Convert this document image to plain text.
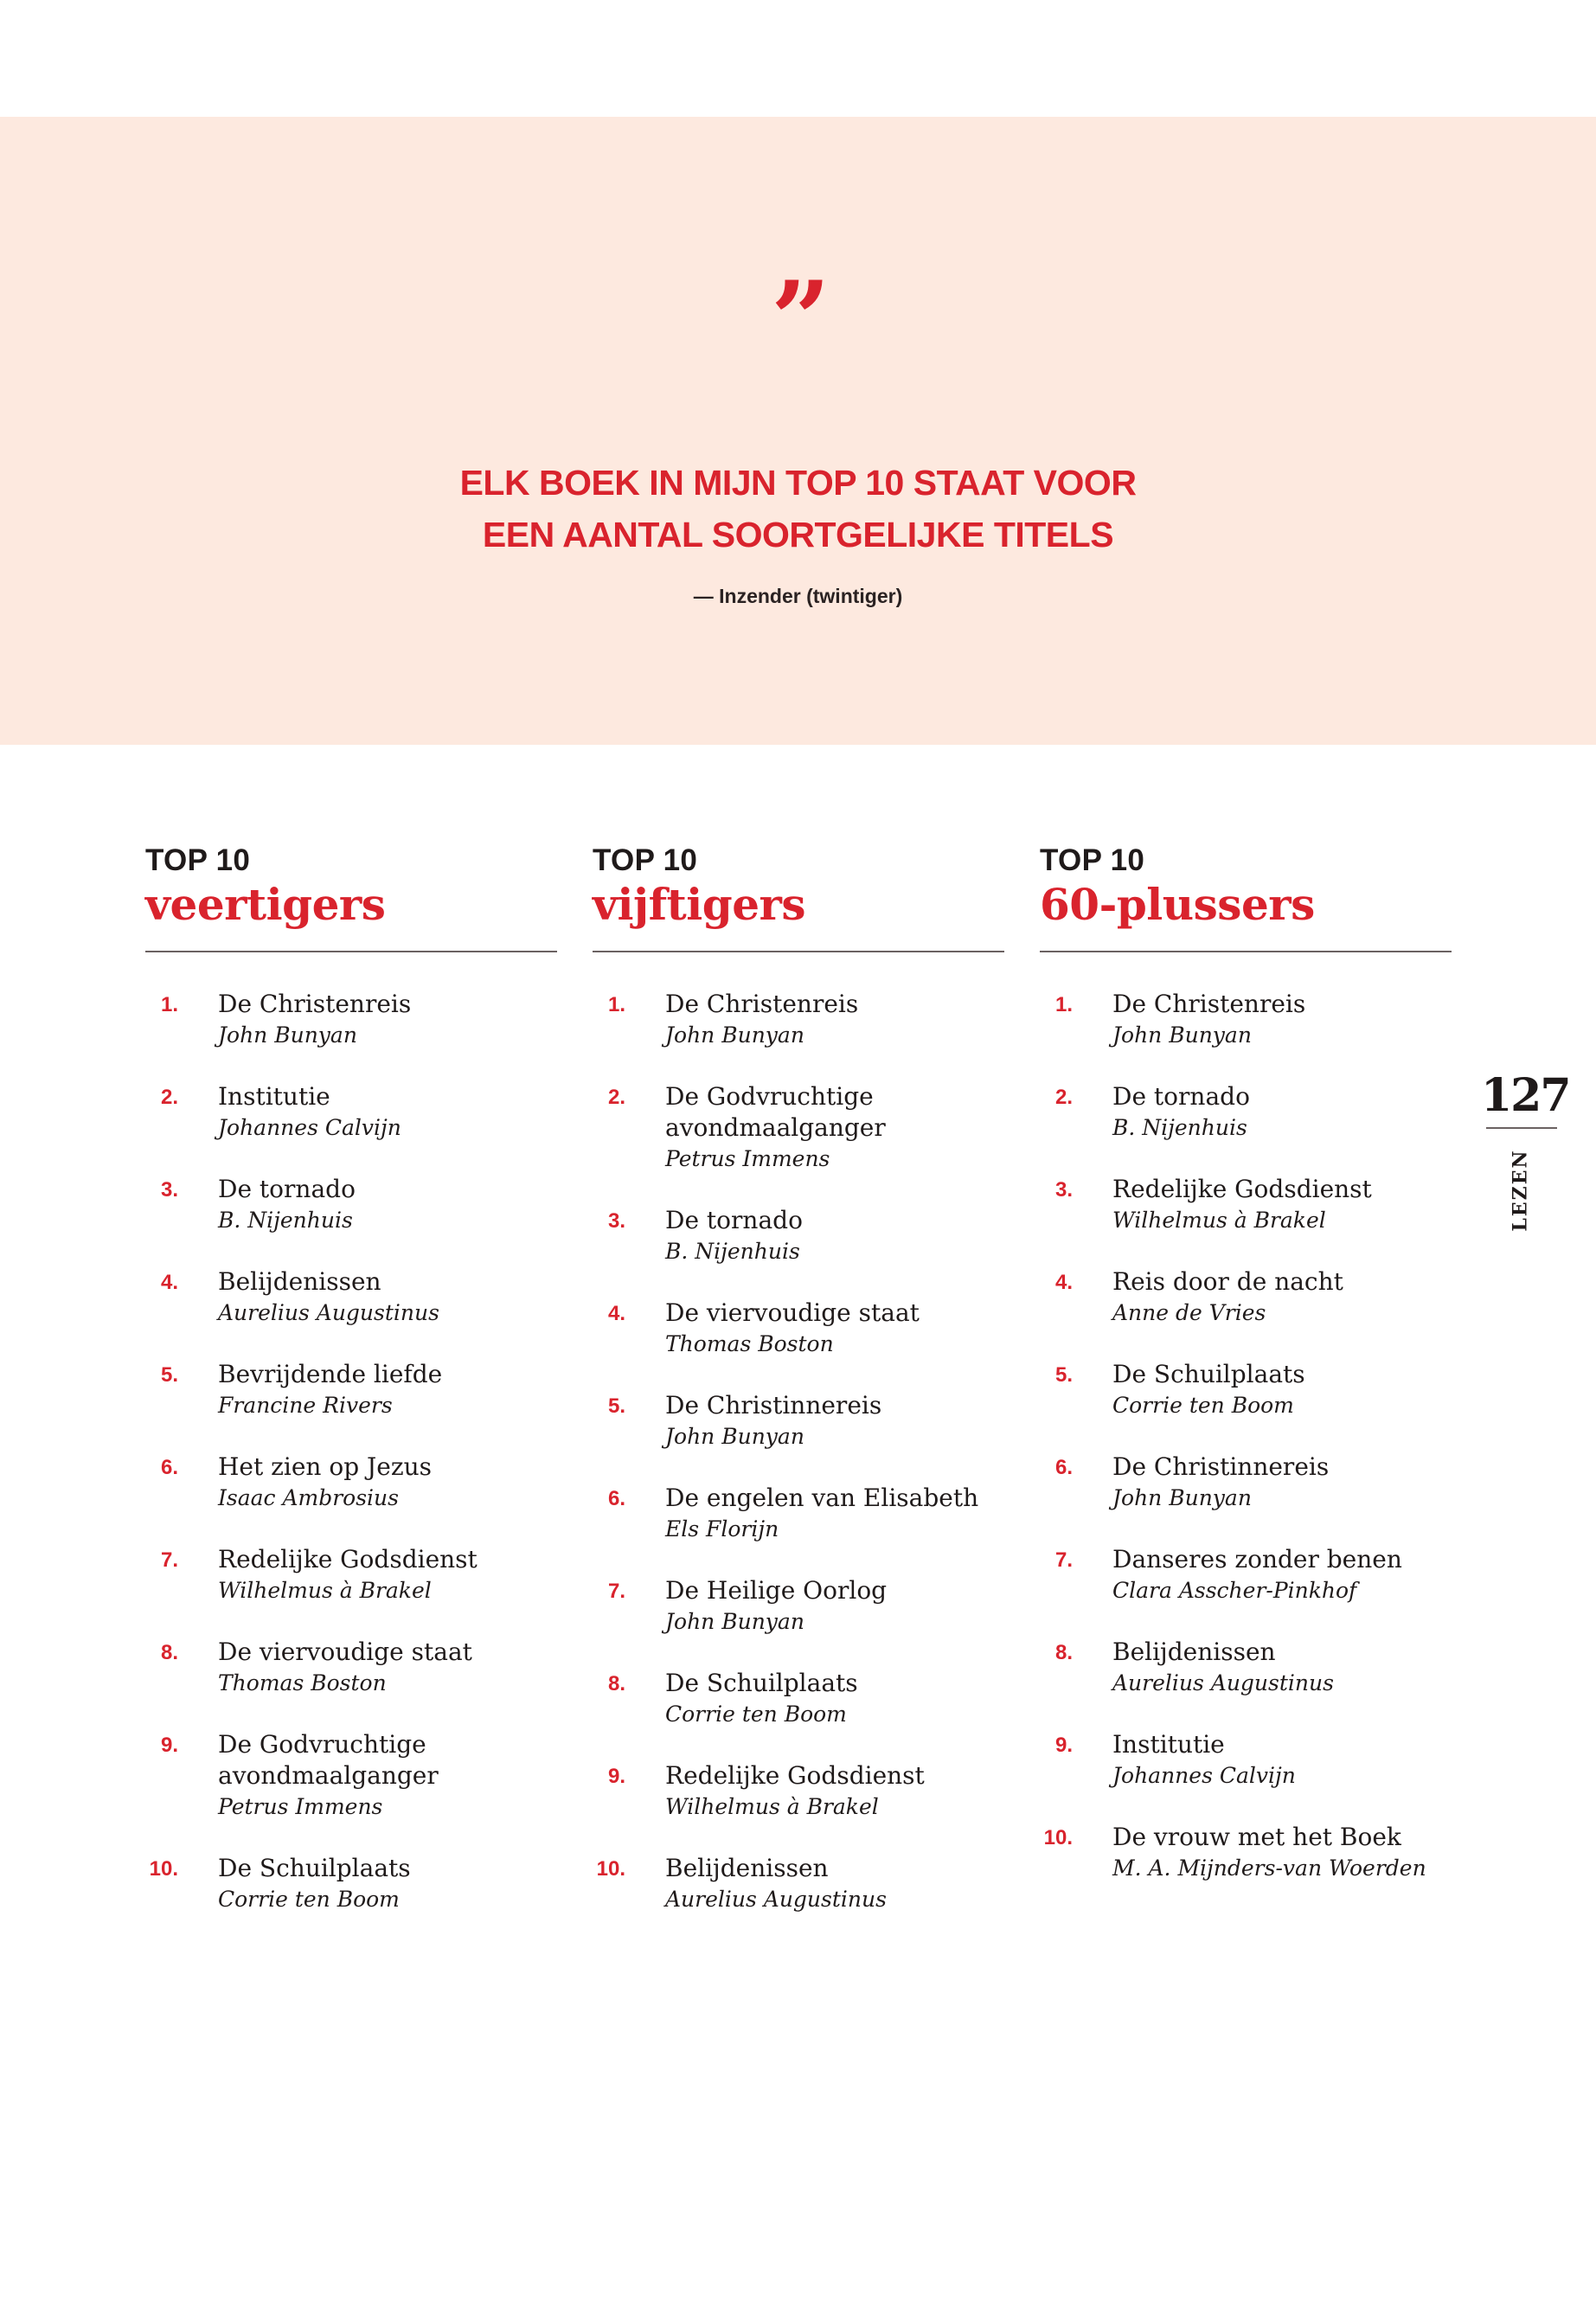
”
ELK BOEK IN MIJN TOP 10 STAAT VOOR
EEN AANTAL SOORTGELIJKE TITELS
— Inzender (twintiger)
TOP 10
veertigers
1. De Christenreis
John Bunyan
2. Institutie
Johannes Calvijn
3. De tornado
B. Nijenhuis
4. Belijdenissen
Aurelius Augustinus
5. Bevrijdende liefde
Francine Rivers
6. Het zien op Jezus
Isaac Ambrosius
7. Redelijke Godsdienst
Wilhelmus à Brakel
8. De viervoudige staat
Thomas Boston
9. De Godvruchtige
avondmaalganger
Petrus Immens
10. De Schuilplaats
Corrie ten Boom
TOP 10
vijftigers
1. De Christenreis
John Bunyan
2. De Godvruchtige
avondmaalganger
Petrus Immens
3. De tornado
B. Nijenhuis
4. De viervoudige staat
Thomas Boston
5. De Christinnereis
John Bunyan
6. De engelen van Elisabeth
Els Florijn
7. De Heilige Oorlog
John Bunyan
8. De Schuilplaats
Corrie ten Boom
9. Redelijke Godsdienst
Wilhelmus à Brakel
10. Belijdenissen
Aurelius Augustinus
TOP 10
60-plussers
1. De Christenreis
John Bunyan
2. De tornado
B. Nijenhuis
3. Redelijke Godsdienst
Wilhelmus à Brakel
4. Reis door de nacht
Anne de Vries
5. De Schuilplaats
Corrie ten Boom
6. De Christinnereis
John Bunyan
7. Danseres zonder benen
Clara Asscher-Pinkhof
8. Belijdenissen
Aurelius Augustinus
9. Institutie
Johannes Calvijn
10. De vrouw met het Boek
M. A. Mijnders-van Woerden
127
LEZEN
